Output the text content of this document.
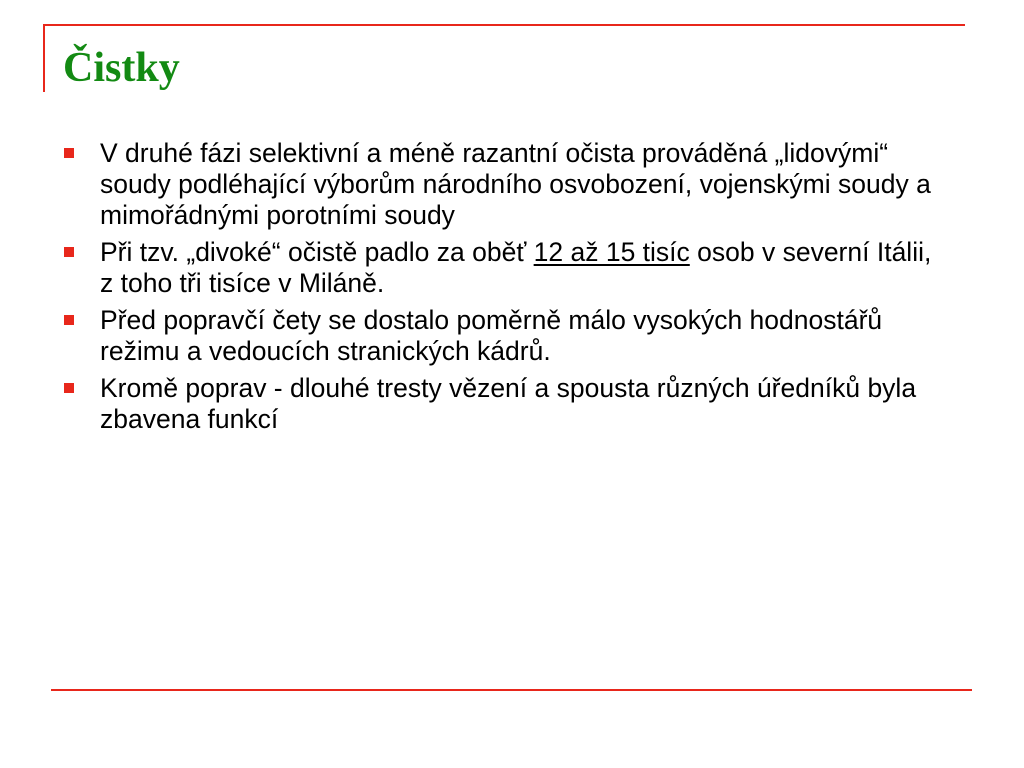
Čistky
V druhé fázi selektivní a méně razantní očista prováděná „lidovými“ soudy podléhající výborům národního osvobození, vojenskými soudy a mimořádnými porotními soudy
Při tzv. „divoké“ očistě padlo za oběť 12 až 15 tisíc osob v severní Itálii, z toho tři tisíce v Miláně.
Před popravčí čety se dostalo poměrně málo vysokých hodnostářů režimu a vedoucích stranických kádrů.
Kromě poprav - dlouhé tresty vězení a spousta různých úředníků byla zbavena funkcí
